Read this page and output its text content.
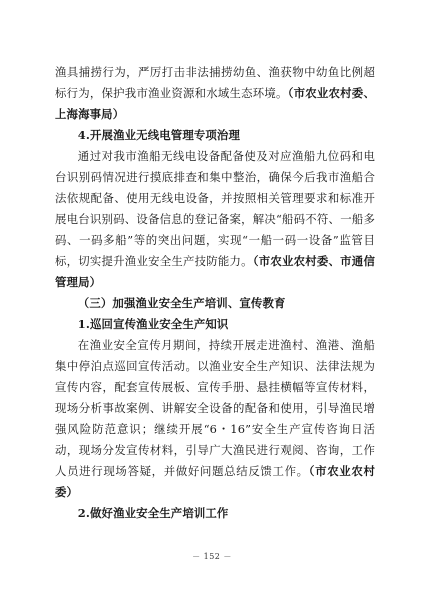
渔具捕捞行为，严厉打击非法捕捞幼鱼、渔获物中幼鱼比例超标行为，保护我市渔业资源和水域生态环境。（市农业农村委、上海海事局）

4.开展渔业无线电管理专项治理

通过对我市渔船无线电设备配备使及对应渔船九位码和电台识别码情况进行摸底排查和集中整治，确保今后我市渔船合法依规配备、使用无线电设备，并按照相关管理要求和标准开展电台识别码、设备信息的登记备案，解决“船码不符、一船多码、一码多船”等的突出问题，实现“一船一码一设备”监管目标，切实提升渔业安全生产技防能力。（市农业农村委、市通信管理局）

（三）加强渔业安全生产培训、宣传教育

1.巡回宣传渔业安全生产知识

在渔业安全宣传月期间，持续开展走进渔村、渔港、渔船集中停泊点巡回宣传活动。以渔业安全生产知识、法律法规为宣传内容，配套宣传展板、宣传手册、悬挂横幅等宣传材料，现场分析事故案例、讲解安全设备的配备和使用，引导渔民增强风险防范意识；继续开展“6・16”安全生产宣传咨询日活动，现场分发宣传材料，引导广大渔民进行观阅、咨询，工作人员进行现场答疑，并做好问题总结反馈工作。（市农业农村委）

2.做好渔业安全生产培训工作

－ 152 －
